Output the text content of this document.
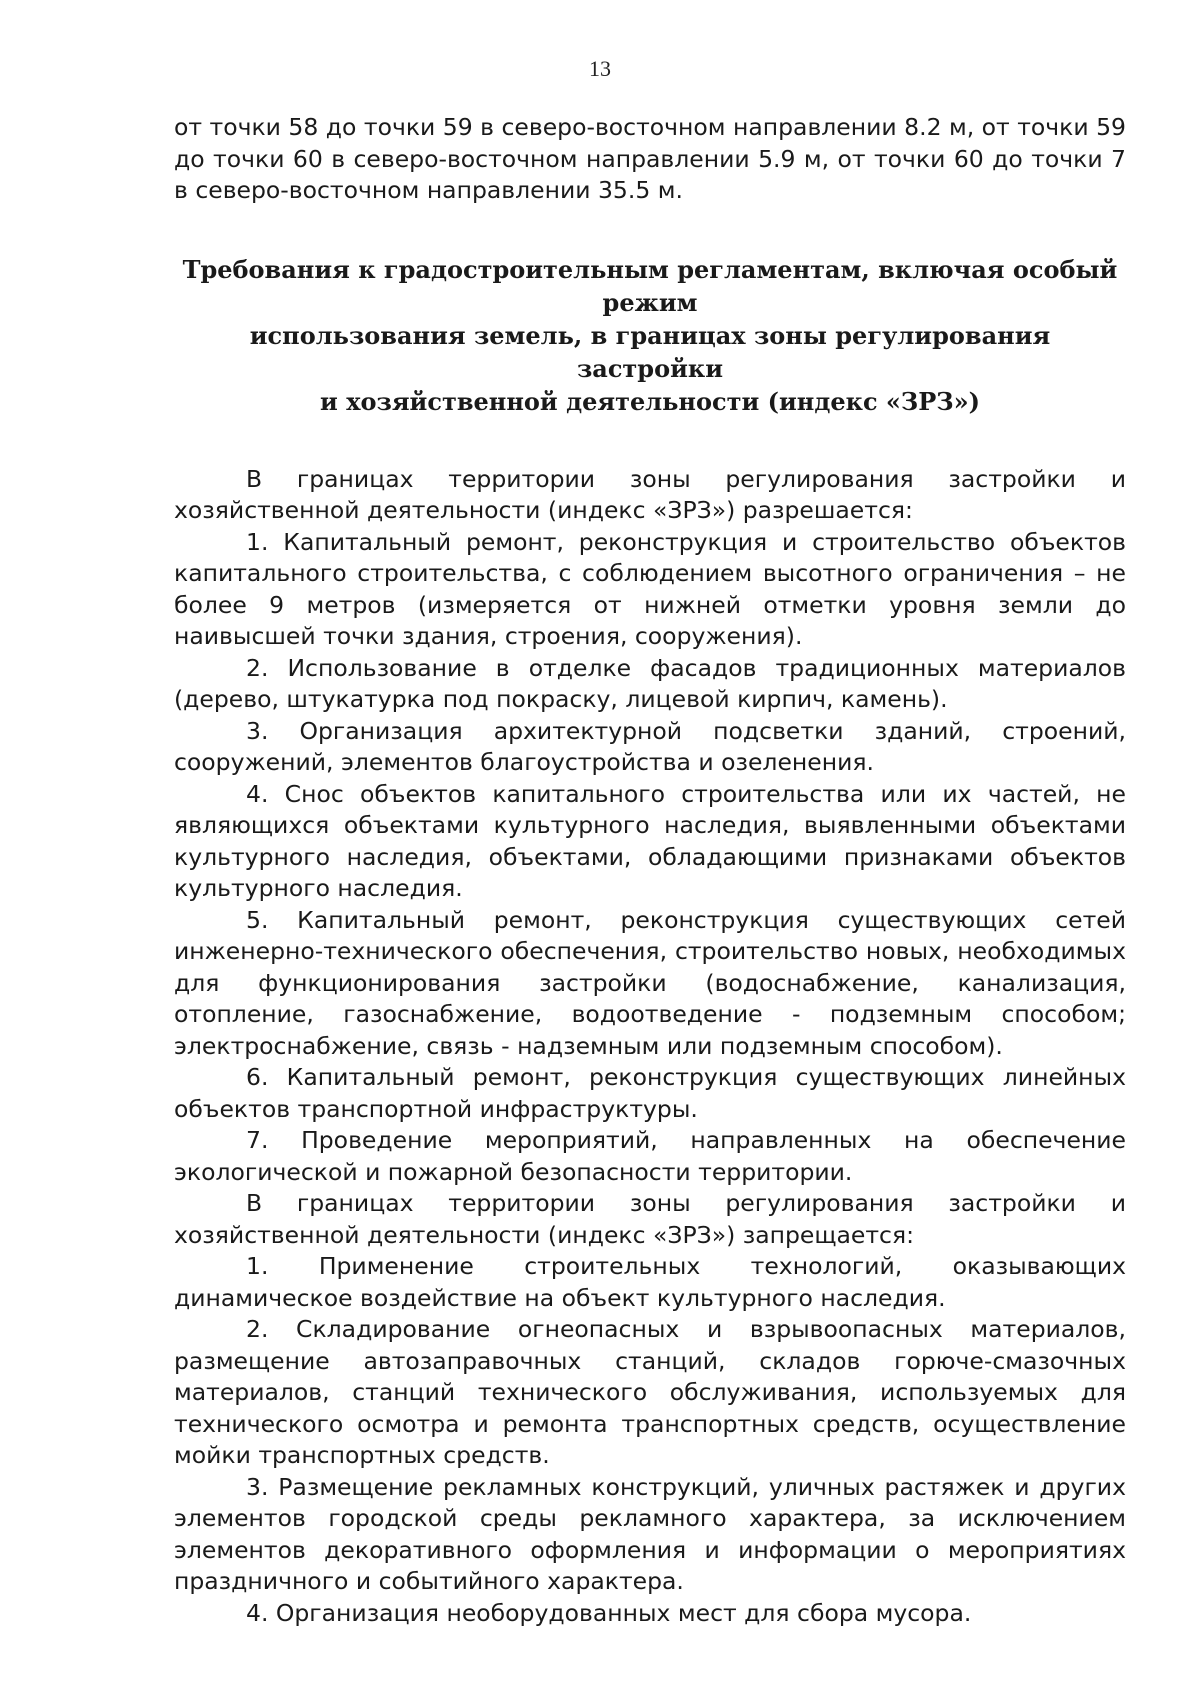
13

от точки 58 до точки 59 в северо-восточном направлении 8.2 м, от точки 59 до точки 60 в северо-восточном направлении 5.9 м, от точки 60 до точки 7 в северо-восточном направлении 35.5 м.

Требования к градостроительным регламентам, включая особый режим
использования земель, в границах зоны регулирования застройки
и хозяйственной деятельности (индекс «ЗРЗ»)

В границах территории зоны регулирования застройки и хозяйственной деятельности (индекс «ЗРЗ») разрешается:

1. Капитальный ремонт, реконструкция и строительство объектов капитального строительства, с соблюдением высотного ограничения – не более 9 метров (измеряется от нижней отметки уровня земли до наивысшей точки здания, строения, сооружения).

2. Использование в отделке фасадов традиционных материалов (дерево, штукатурка под покраску, лицевой кирпич, камень).

3. Организация архитектурной подсветки зданий, строений, сооружений, элементов благоустройства и озеленения.

4. Снос объектов капитального строительства или их частей, не являющихся объектами культурного наследия, выявленными объектами культурного наследия, объектами, обладающими признаками объектов культурного наследия.

5. Капитальный ремонт, реконструкция существующих сетей инженерно-технического обеспечения, строительство новых, необходимых для функционирования застройки (водоснабжение, канализация, отопление, газоснабжение, водоотведение - подземным способом; электроснабжение, связь - надземным или подземным способом).

6. Капитальный ремонт, реконструкция существующих линейных объектов транспортной инфраструктуры.

7. Проведение мероприятий, направленных на обеспечение экологической и пожарной безопасности территории.

В границах территории зоны регулирования застройки и хозяйственной деятельности (индекс «ЗРЗ») запрещается:

1. Применение строительных технологий, оказывающих динамическое воздействие на объект культурного наследия.

2. Складирование огнеопасных и взрывоопасных материалов, размещение автозаправочных станций, складов горюче-смазочных материалов, станций технического обслуживания, используемых для технического осмотра и ремонта транспортных средств, осуществление мойки транспортных средств.

3. Размещение рекламных конструкций, уличных растяжек и других элементов городской среды рекламного характера, за исключением элементов декоративного оформления и информации о мероприятиях праздничного и событийного характера.

4. Организация необорудованных мест для сбора мусора.
